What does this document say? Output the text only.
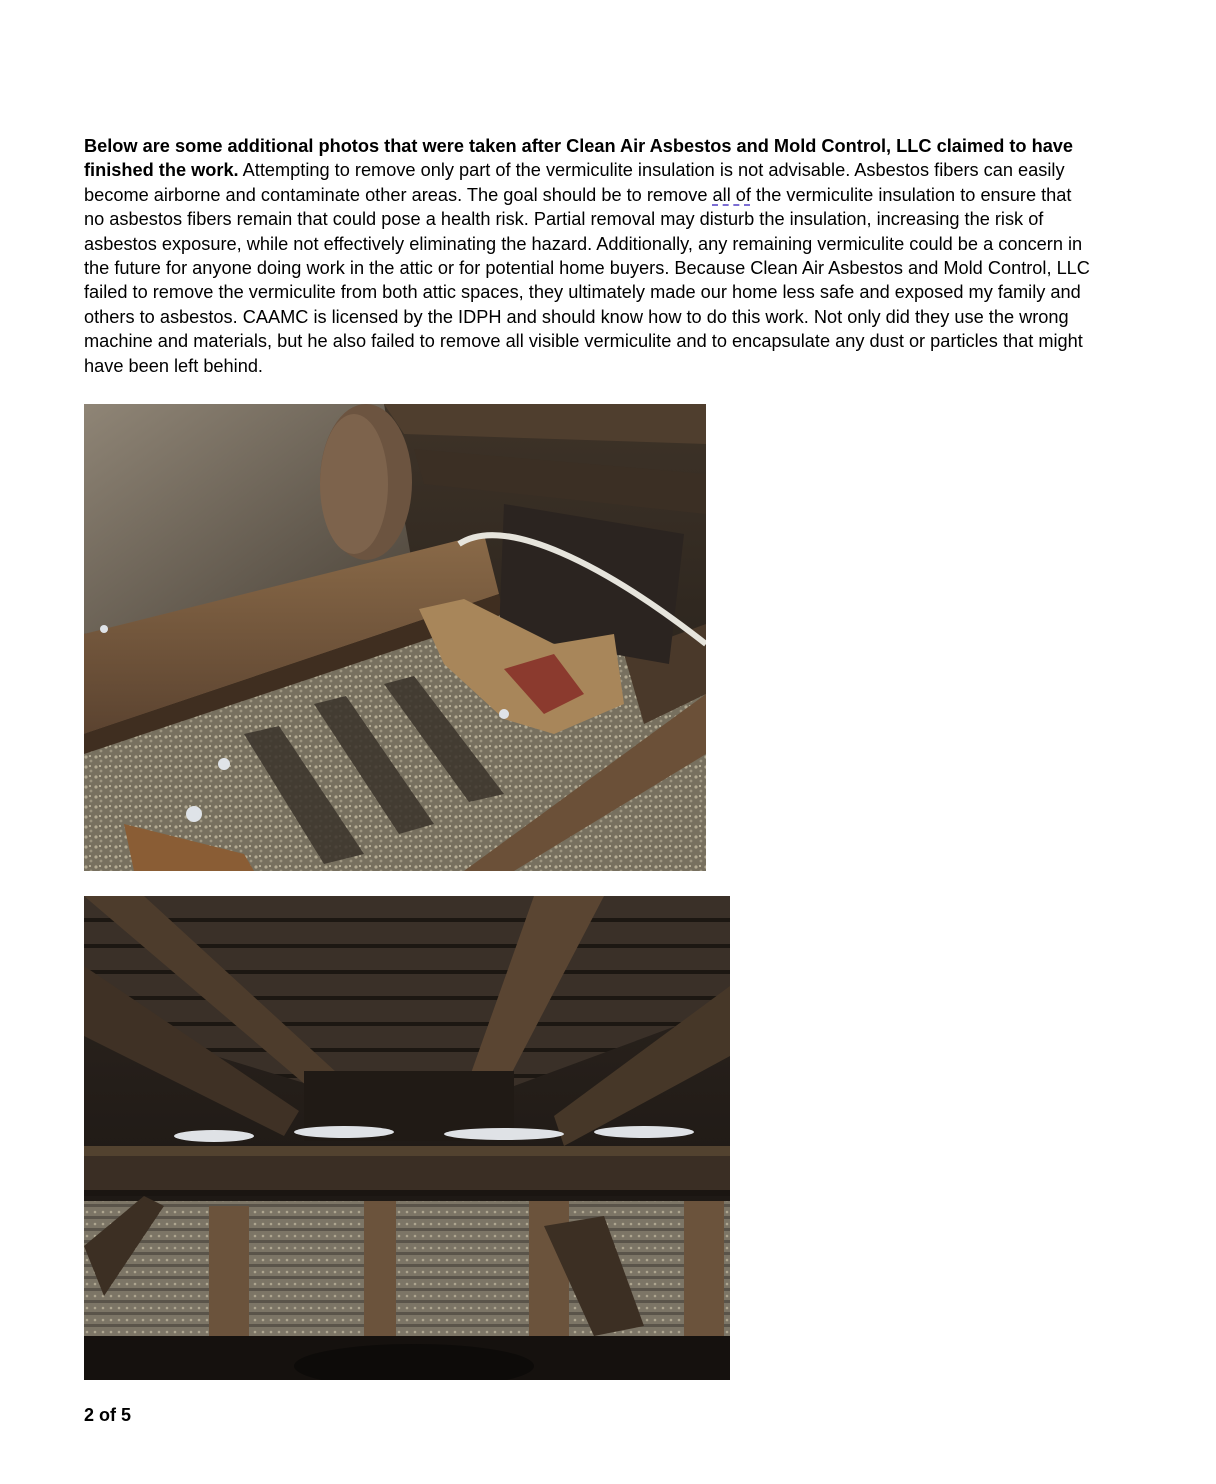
Below are some additional photos that were taken after Clean Air Asbestos and Mold Control, LLC claimed to have finished the work. Attempting to remove only part of the vermiculite insulation is not advisable. Asbestos fibers can easily become airborne and contaminate other areas. The goal should be to remove all of the vermiculite insulation to ensure that no asbestos fibers remain that could pose a health risk. Partial removal may disturb the insulation, increasing the risk of asbestos exposure, while not effectively eliminating the hazard. Additionally, any remaining vermiculite could be a concern in the future for anyone doing work in the attic or for potential home buyers. Because Clean Air Asbestos and Mold Control, LLC failed to remove the vermiculite from both attic spaces, they ultimately made our home less safe and exposed my family and others to asbestos. CAAMC is licensed by the IDPH and should know how to do this work. Not only did they use the wrong machine and materials, but he also failed to remove all visible vermiculite and to encapsulate any dust or particles that might have been left behind.

2 of 5
